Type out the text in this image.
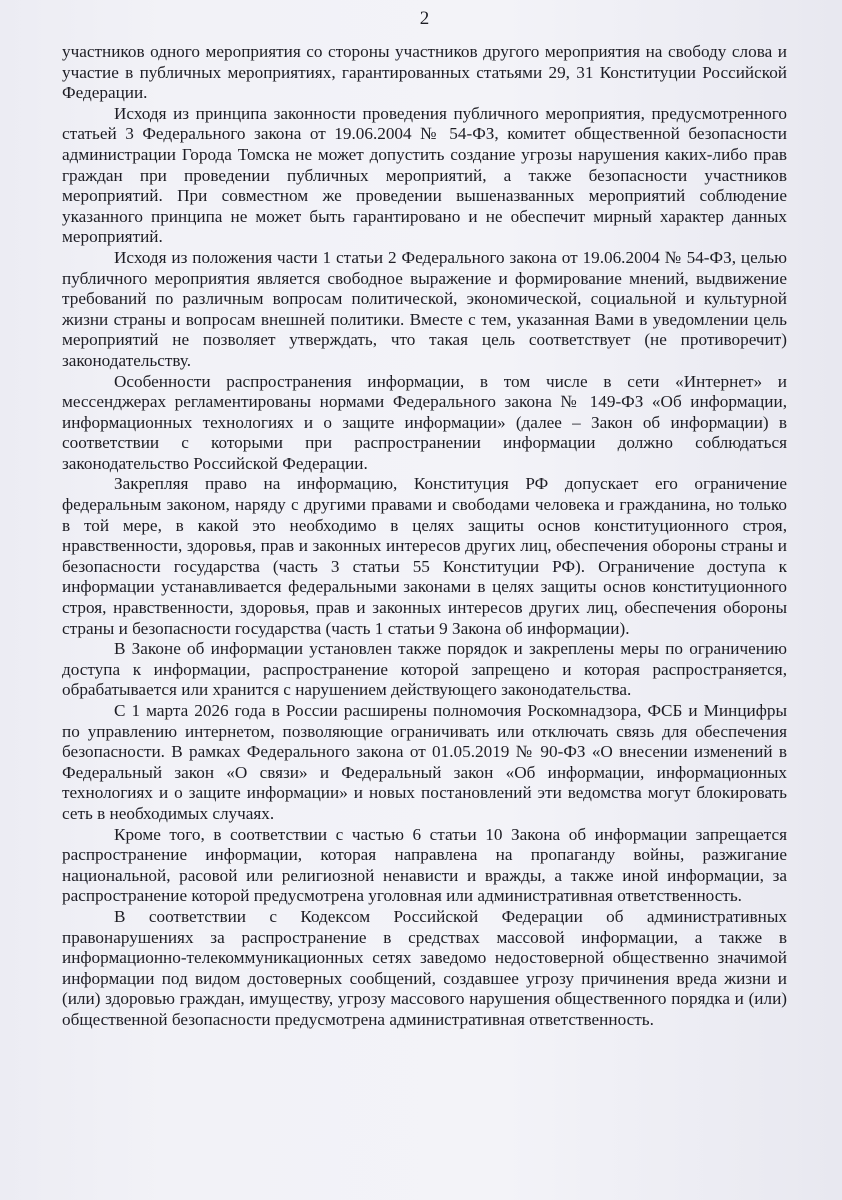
2

участников одного мероприятия со стороны участников другого мероприятия на свободу слова и участие в публичных мероприятиях, гарантированных статьями 29, 31 Конституции Российской Федерации.

Исходя из принципа законности проведения публичного мероприятия, предусмотренного статьей 3 Федерального закона от 19.06.2004 № 54-ФЗ, комитет общественной безопасности администрации Города Томска не может допустить создание угрозы нарушения каких-либо прав граждан при проведении публичных мероприятий, а также безопасности участников мероприятий. При совместном же проведении вышеназванных мероприятий соблюдение указанного принципа не может быть гарантировано и не обеспечит мирный характер данных мероприятий.

Исходя из положения части 1 статьи 2 Федерального закона от 19.06.2004 № 54-ФЗ, целью публичного мероприятия является свободное выражение и формирование мнений, выдвижение требований по различным вопросам политической, экономической, социальной и культурной жизни страны и вопросам внешней политики. Вместе с тем, указанная Вами в уведомлении цель мероприятий не позволяет утверждать, что такая цель соответствует (не противоречит) законодательству.

Особенности распространения информации, в том числе в сети «Интернет» и мессенджерах регламентированы нормами Федерального закона № 149-ФЗ «Об информации, информационных технологиях и о защите информации» (далее – Закон об информации) в соответствии с которыми при распространении информации должно соблюдаться законодательство Российской Федерации.

Закрепляя право на информацию, Конституция РФ допускает его ограничение федеральным законом, наряду с другими правами и свободами человека и гражданина, но только в той мере, в какой это необходимо в целях защиты основ конституционного строя, нравственности, здоровья, прав и законных интересов других лиц, обеспечения обороны страны и безопасности государства (часть 3 статьи 55 Конституции РФ). Ограничение доступа к информации устанавливается федеральными законами в целях защиты основ конституционного строя, нравственности, здоровья, прав и законных интересов других лиц, обеспечения обороны страны и безопасности государства (часть 1 статьи 9 Закона об информации).

В Законе об информации установлен также порядок и закреплены меры по ограничению доступа к информации, распространение которой запрещено и которая распространяется, обрабатывается или хранится с нарушением действующего законодательства.

С 1 марта 2026 года в России расширены полномочия Роскомнадзора, ФСБ и Минцифры по управлению интернетом, позволяющие ограничивать или отключать связь для обеспечения безопасности. В рамках Федерального закона от 01.05.2019 № 90-ФЗ «О внесении изменений в Федеральный закон «О связи» и Федеральный закон «Об информации, информационных технологиях и о защите информации» и новых постановлений эти ведомства могут блокировать сеть в необходимых случаях.

Кроме того, в соответствии с частью 6 статьи 10 Закона об информации запрещается распространение информации, которая направлена на пропаганду войны, разжигание национальной, расовой или религиозной ненависти и вражды, а также иной информации, за распространение которой предусмотрена уголовная или административная ответственность.

В соответствии с Кодексом Российской Федерации об административных правонарушениях за распространение в средствах массовой информации, а также в информационно-телекоммуникационных сетях заведомо недостоверной общественно значимой информации под видом достоверных сообщений, создавшее угрозу причинения вреда жизни и (или) здоровью граждан, имуществу, угрозу массового нарушения общественного порядка и (или) общественной безопасности предусмотрена административная ответственность.
